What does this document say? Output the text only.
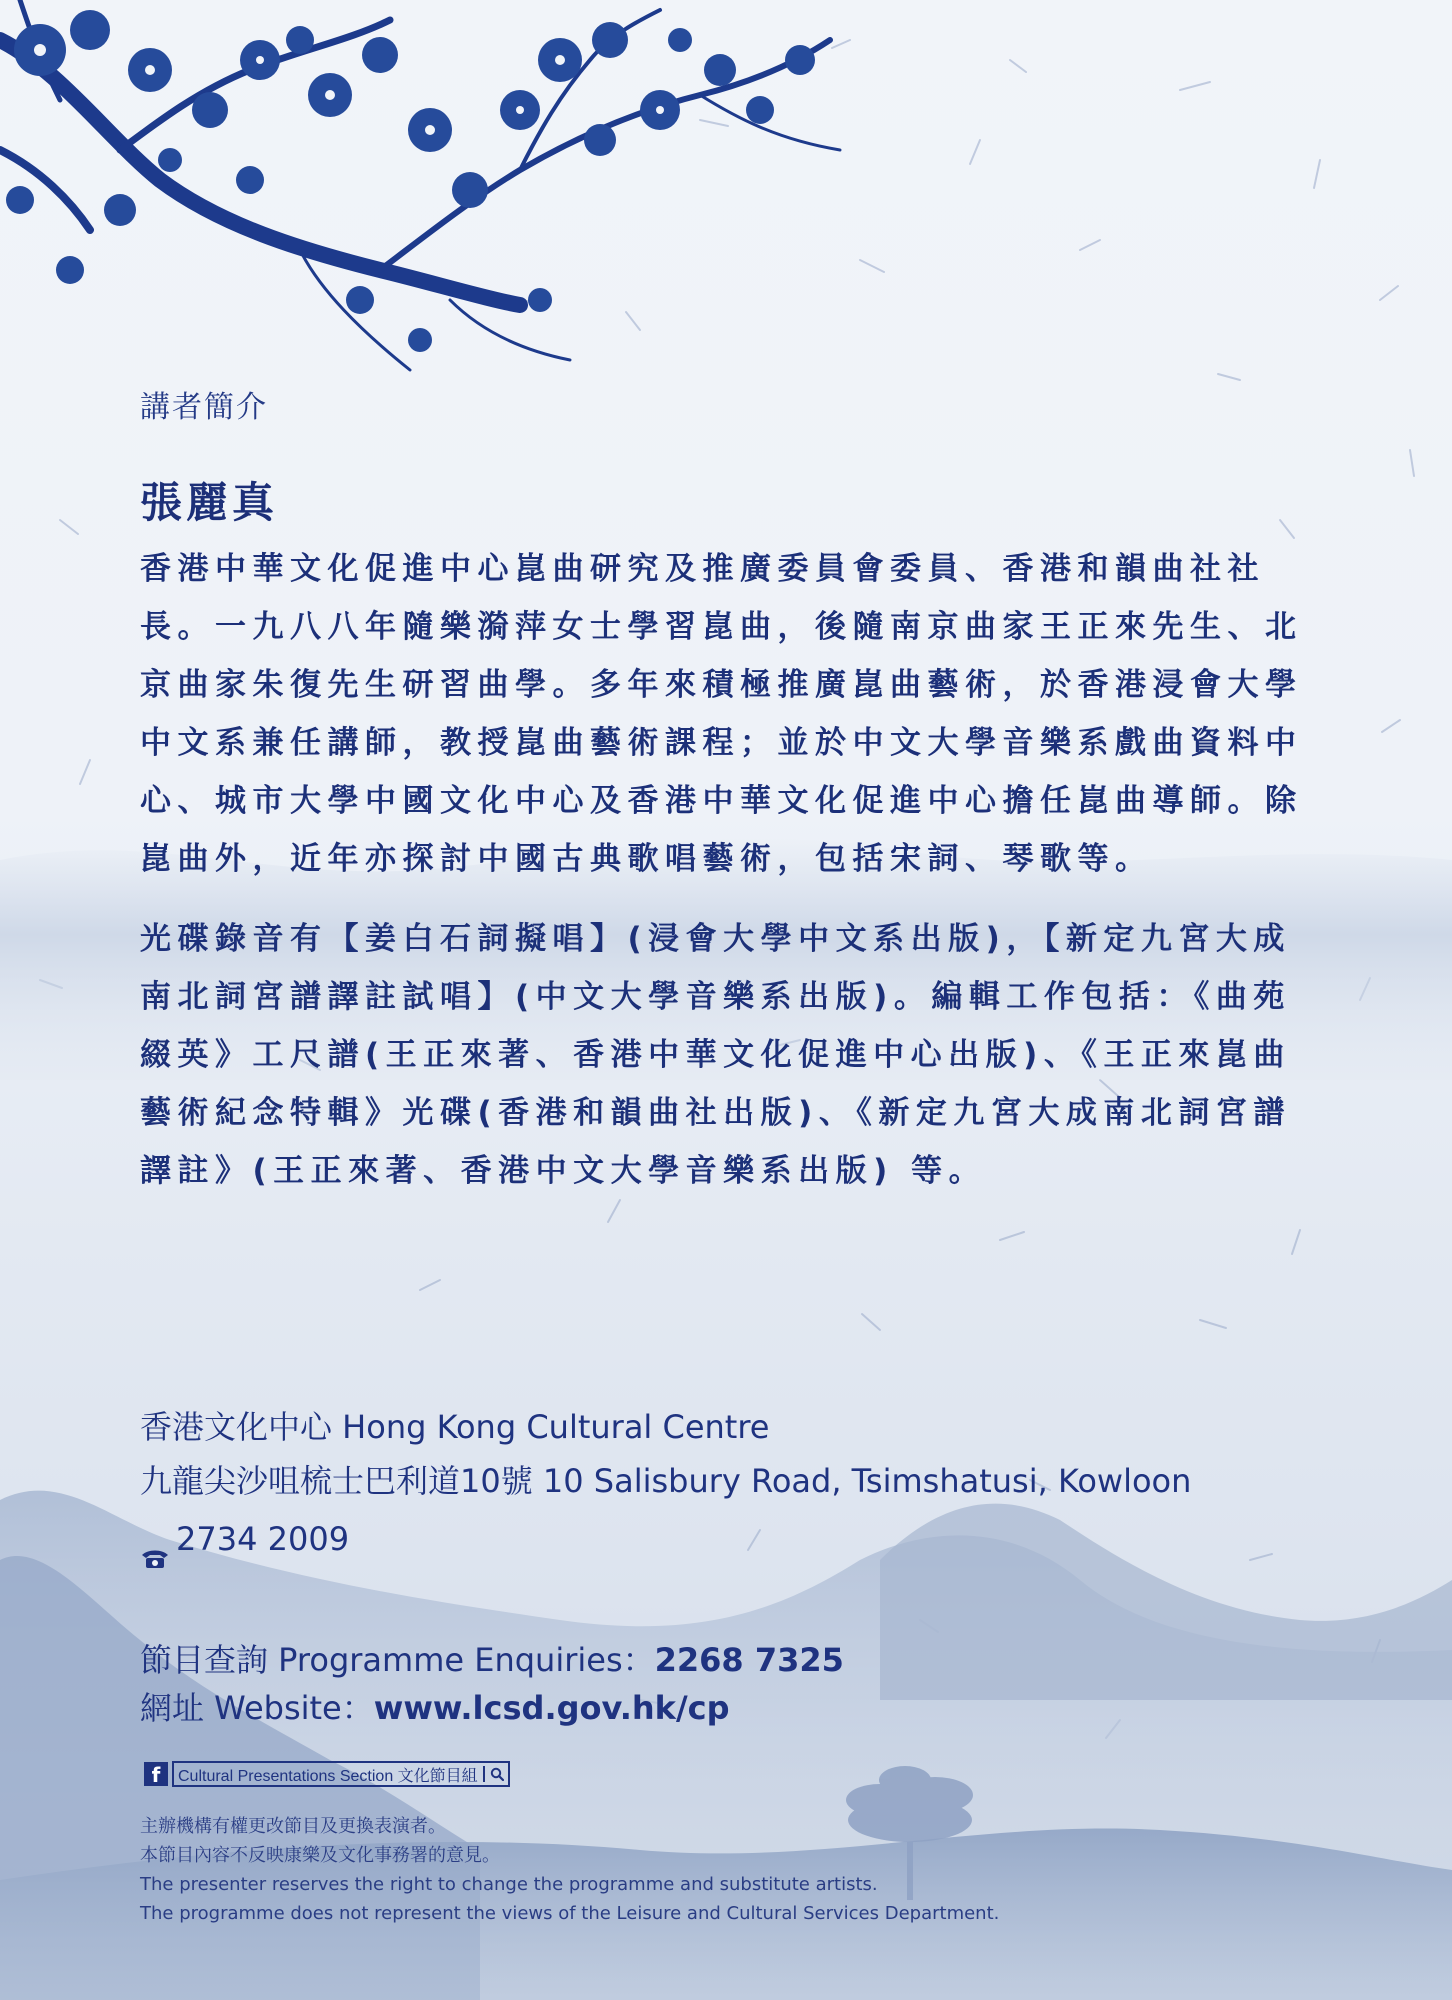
講者簡介
張麗真

香港中華文化促進中心崑曲研究及推廣委員會委員、香港和韻曲社社長。一九八八年隨樂漪萍女士學習崑曲，後隨南京曲家王正來先生、北京曲家朱復先生研習曲學。多年來積極推廣崑曲藝術，於香港浸會大學中文系兼任講師，教授崑曲藝術課程；並於中文大學音樂系戲曲資料中心、城市大學中國文化中心及香港中華文化促進中心擔任崑曲導師。除崑曲外，近年亦探討中國古典歌唱藝術，包括宋詞、琴歌等。

光碟錄音有【姜白石詞擬唱】(浸會大學中文系出版)，【新定九宮大成南北詞宮譜譯註試唱】(中文大學音樂系出版)。編輯工作包括：《曲苑綴英》工尺譜(王正來著、香港中華文化促進中心出版)、《王正來崑曲藝術紀念特輯》光碟(香港和韻曲社出版)、《新定九宮大成南北詞宮譜譯註》(王正來著、香港中文大學音樂系出版) 等。

香港文化中心 Hong Kong Cultural Centre
九龍尖沙咀梳士巴利道10號 10 Salisbury Road, Tsimshatusi, Kowloon
2734 2009
節目查詢 Programme Enquiries：2268 7325
網址 Website：www.lcsd.gov.hk/cp
f	Cultural Presentations Section 文化節目組
主辦機構有權更改節目及更換表演者。
本節目內容不反映康樂及文化事務署的意見。
The presenter reserves the right to change the programme and substitute artists.
The programme does not represent the views of the Leisure and Cultural Services Department.
